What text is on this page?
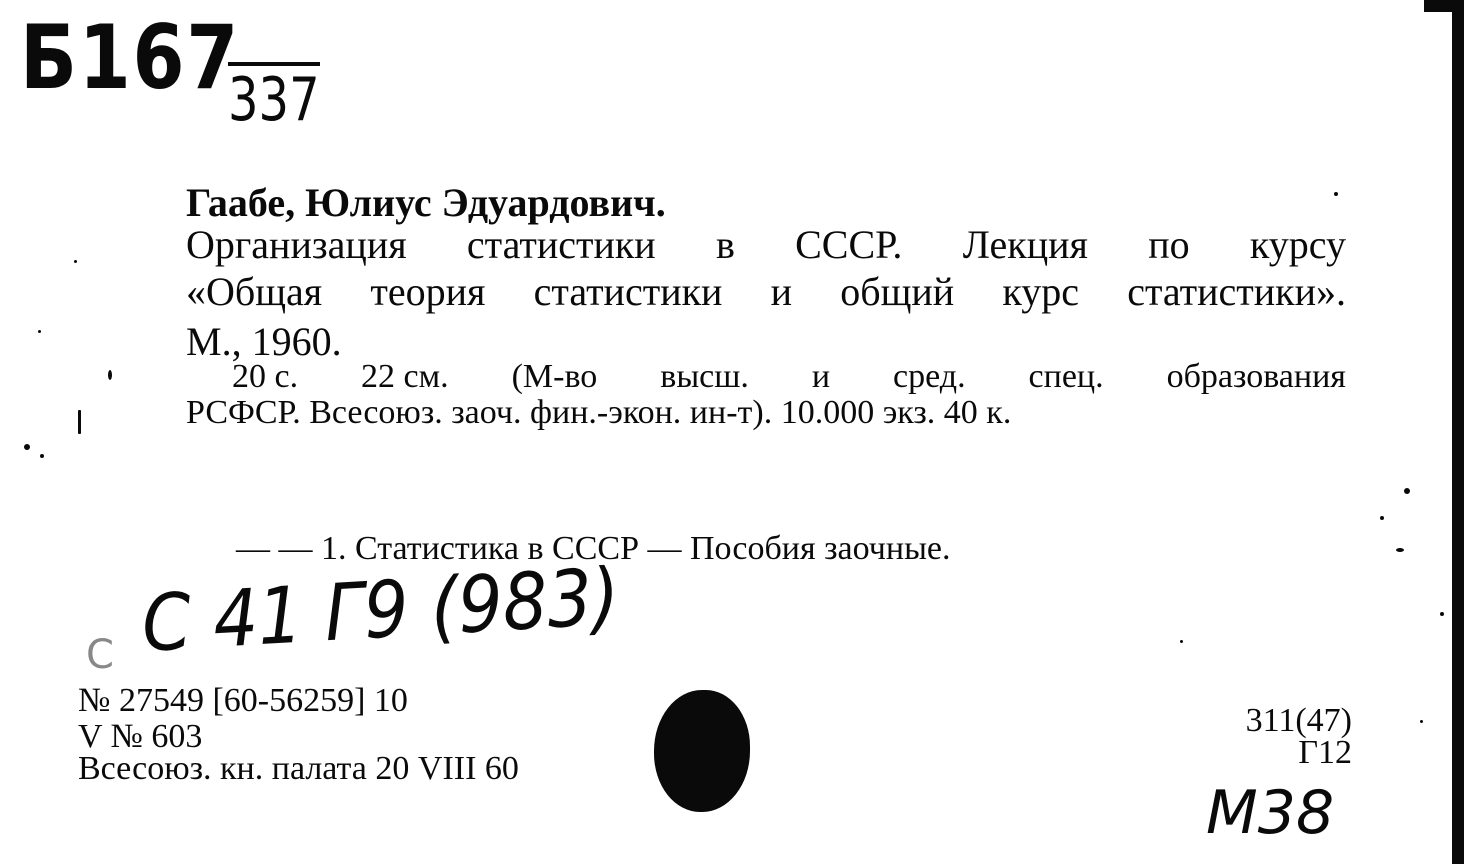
Б167
337
Гаабе, Юлиус Эдуардович.
Организация статистики в СССР. Лекция по курсу
«Общая теория статистики и общий курс статистики».
М., 1960.
20 с. 22 см. (М-во высш. и сред. спец. образования
РСФСР. Всесоюз. заоч. фин.-экон. ин-т). 10.000 экз. 40 к.
— — 1. Статистика в СССР — Пособия заочные.
C С 41 Г9 (983)
№ 27549 [60-56259] 10
V № 603
Всесоюз. кн. палата 20 VIII 60
311(47)
Г12
М38
